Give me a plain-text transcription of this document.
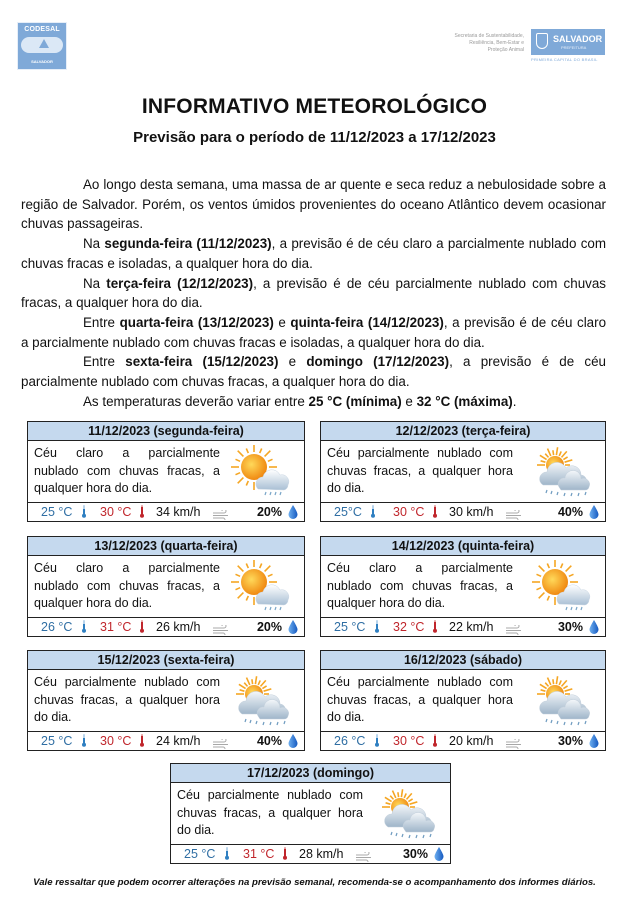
CODESAL
SALVADOR
Secretaria de Sustentabilidade,
Resiliência, Bem-Estar e
Proteção Animal
SALVADOR
PREFEITURA
PRIMEIRA CAPITAL DO BRASIL
INFORMATIVO METEOROLÓGICO
Previsão para o período de 11/12/2023 a 17/12/2023

Ao longo desta semana, uma massa de ar quente e seca reduz a nebulosidade sobre a região de Salvador. Porém, os ventos úmidos provenientes do oceano Atlântico devem ocasionar chuvas passageiras.

Na segunda-feira (11/12/2023), a previsão é de céu claro a parcialmente nublado com chuvas fracas e isoladas, a qualquer hora do dia.

Na terça-feira (12/12/2023), a previsão é de céu parcialmente nublado com chuvas fracas, a qualquer hora do dia.

Entre quarta-feira (13/12/2023) e quinta-feira (14/12/2023), a previsão é de céu claro a parcialmente nublado com chuvas fracas e isoladas, a qualquer hora do dia.

Entre sexta-feira (15/12/2023) e domingo (17/12/2023), a previsão é de céu parcialmente nublado com chuvas fracas, a qualquer hora do dia.

As temperaturas deverão variar entre 25 °C (mínima) e 32 °C (máxima).

11/12/2023 (segunda-feira)
Céu claro a parcialmente nublado com chuvas fracas, a qualquer hora do dia.
25 °C 30 °C 34 km/h	20%
12/12/2023 (terça-feira)
Céu parcialmente nublado com chuvas fracas, a qualquer hora do dia.
25°C 30 °C 30 km/h	40%
13/12/2023 (quarta-feira)
Céu claro a parcialmente nublado com chuvas fracas, a qualquer hora do dia.
26 °C 31 °C 26 km/h	20%
14/12/2023 (quinta-feira)
Céu claro a parcialmente nublado com chuvas fracas, a qualquer hora do dia.
25 °C 32 °C 22 km/h	30%
15/12/2023 (sexta-feira)
Céu parcialmente nublado com chuvas fracas, a qualquer hora do dia.
25 °C 30 °C 24 km/h	40%
16/12/2023 (sábado)
Céu parcialmente nublado com chuvas fracas, a qualquer hora do dia.
26 °C 30 °C 20 km/h	30%
17/12/2023 (domingo)
Céu parcialmente nublado com chuvas fracas, a qualquer hora do dia.
25 °C 31 °C 28 km/h	30%
Vale ressaltar que podem ocorrer alterações na previsão semanal, recomenda-se o acompanhamento dos informes diários.
